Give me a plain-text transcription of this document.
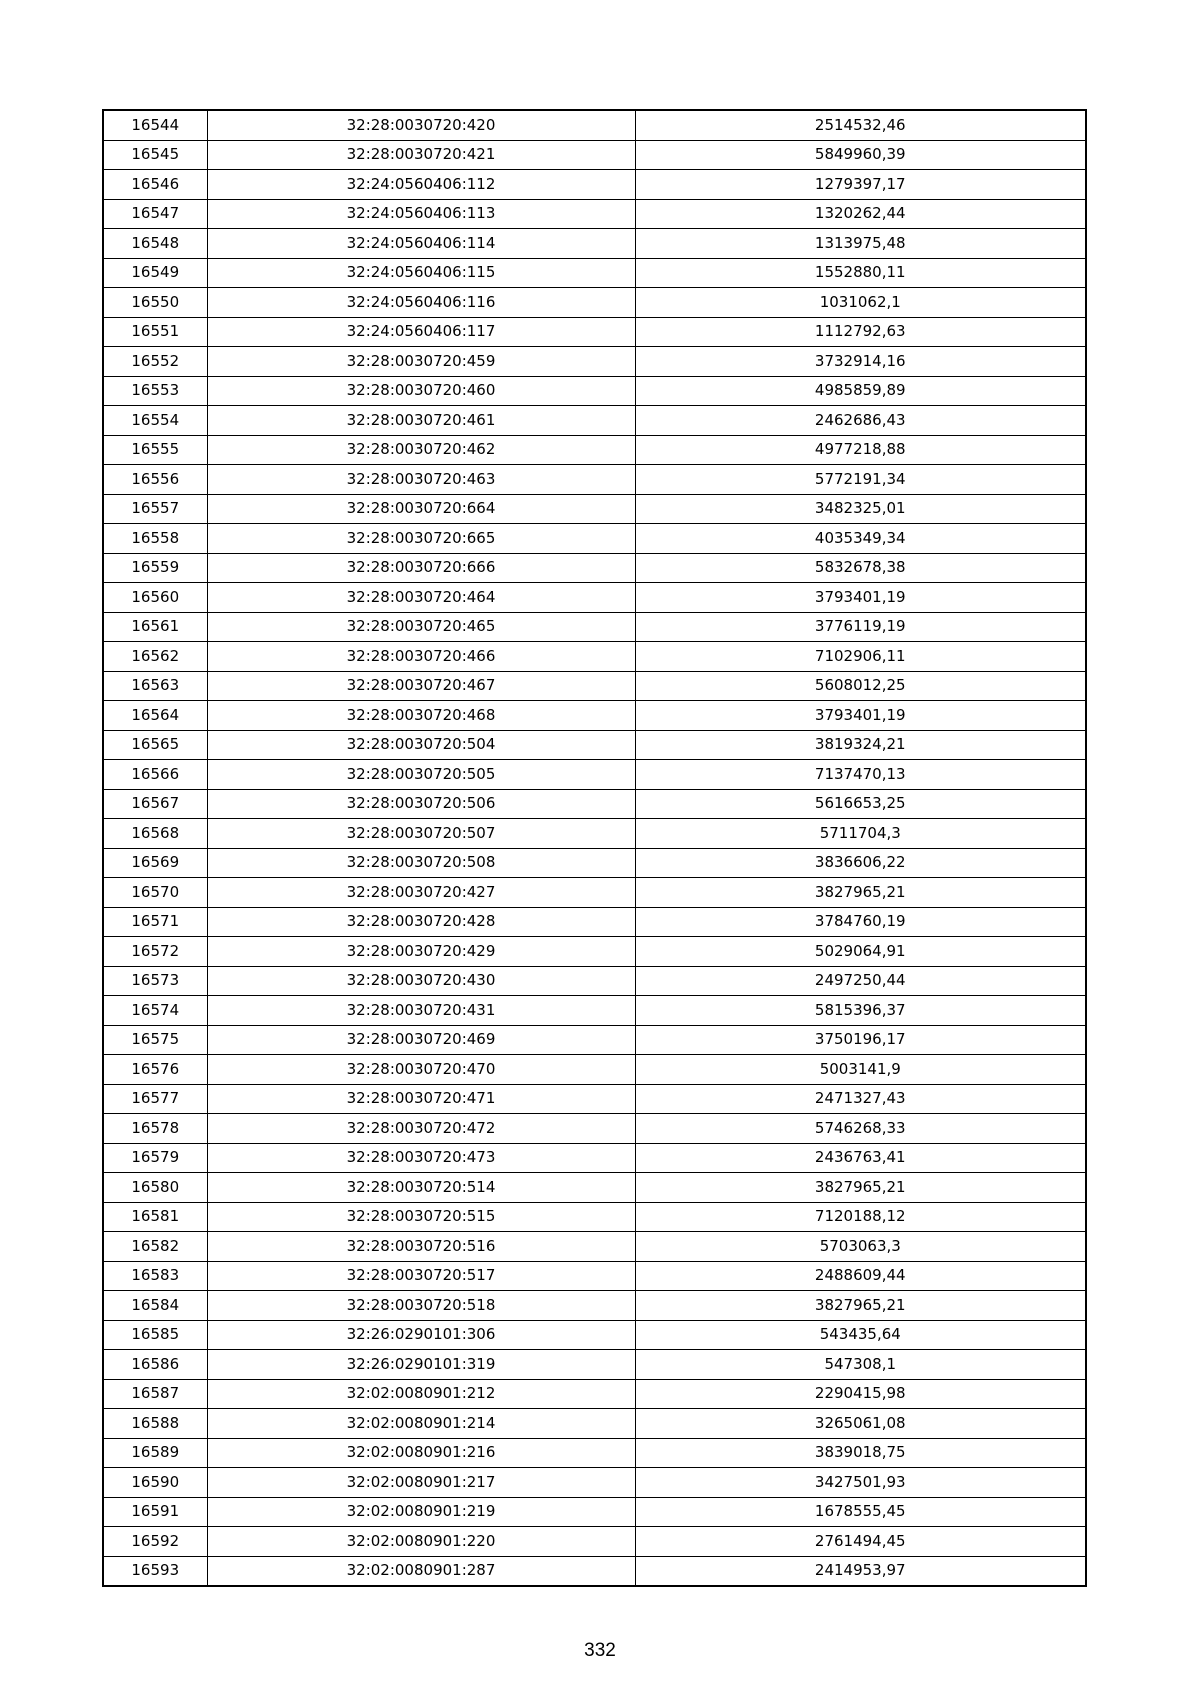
16544	32:28:0030720:420	2514532,46
16545	32:28:0030720:421	5849960,39
16546	32:24:0560406:112	1279397,17
16547	32:24:0560406:113	1320262,44
16548	32:24:0560406:114	1313975,48
16549	32:24:0560406:115	1552880,11
16550	32:24:0560406:116	1031062,1
16551	32:24:0560406:117	1112792,63
16552	32:28:0030720:459	3732914,16
16553	32:28:0030720:460	4985859,89
16554	32:28:0030720:461	2462686,43
16555	32:28:0030720:462	4977218,88
16556	32:28:0030720:463	5772191,34
16557	32:28:0030720:664	3482325,01
16558	32:28:0030720:665	4035349,34
16559	32:28:0030720:666	5832678,38
16560	32:28:0030720:464	3793401,19
16561	32:28:0030720:465	3776119,19
16562	32:28:0030720:466	7102906,11
16563	32:28:0030720:467	5608012,25
16564	32:28:0030720:468	3793401,19
16565	32:28:0030720:504	3819324,21
16566	32:28:0030720:505	7137470,13
16567	32:28:0030720:506	5616653,25
16568	32:28:0030720:507	5711704,3
16569	32:28:0030720:508	3836606,22
16570	32:28:0030720:427	3827965,21
16571	32:28:0030720:428	3784760,19
16572	32:28:0030720:429	5029064,91
16573	32:28:0030720:430	2497250,44
16574	32:28:0030720:431	5815396,37
16575	32:28:0030720:469	3750196,17
16576	32:28:0030720:470	5003141,9
16577	32:28:0030720:471	2471327,43
16578	32:28:0030720:472	5746268,33
16579	32:28:0030720:473	2436763,41
16580	32:28:0030720:514	3827965,21
16581	32:28:0030720:515	7120188,12
16582	32:28:0030720:516	5703063,3
16583	32:28:0030720:517	2488609,44
16584	32:28:0030720:518	3827965,21
16585	32:26:0290101:306	543435,64
16586	32:26:0290101:319	547308,1
16587	32:02:0080901:212	2290415,98
16588	32:02:0080901:214	3265061,08
16589	32:02:0080901:216	3839018,75
16590	32:02:0080901:217	3427501,93
16591	32:02:0080901:219	1678555,45
16592	32:02:0080901:220	2761494,45
16593	32:02:0080901:287	2414953,97
332
